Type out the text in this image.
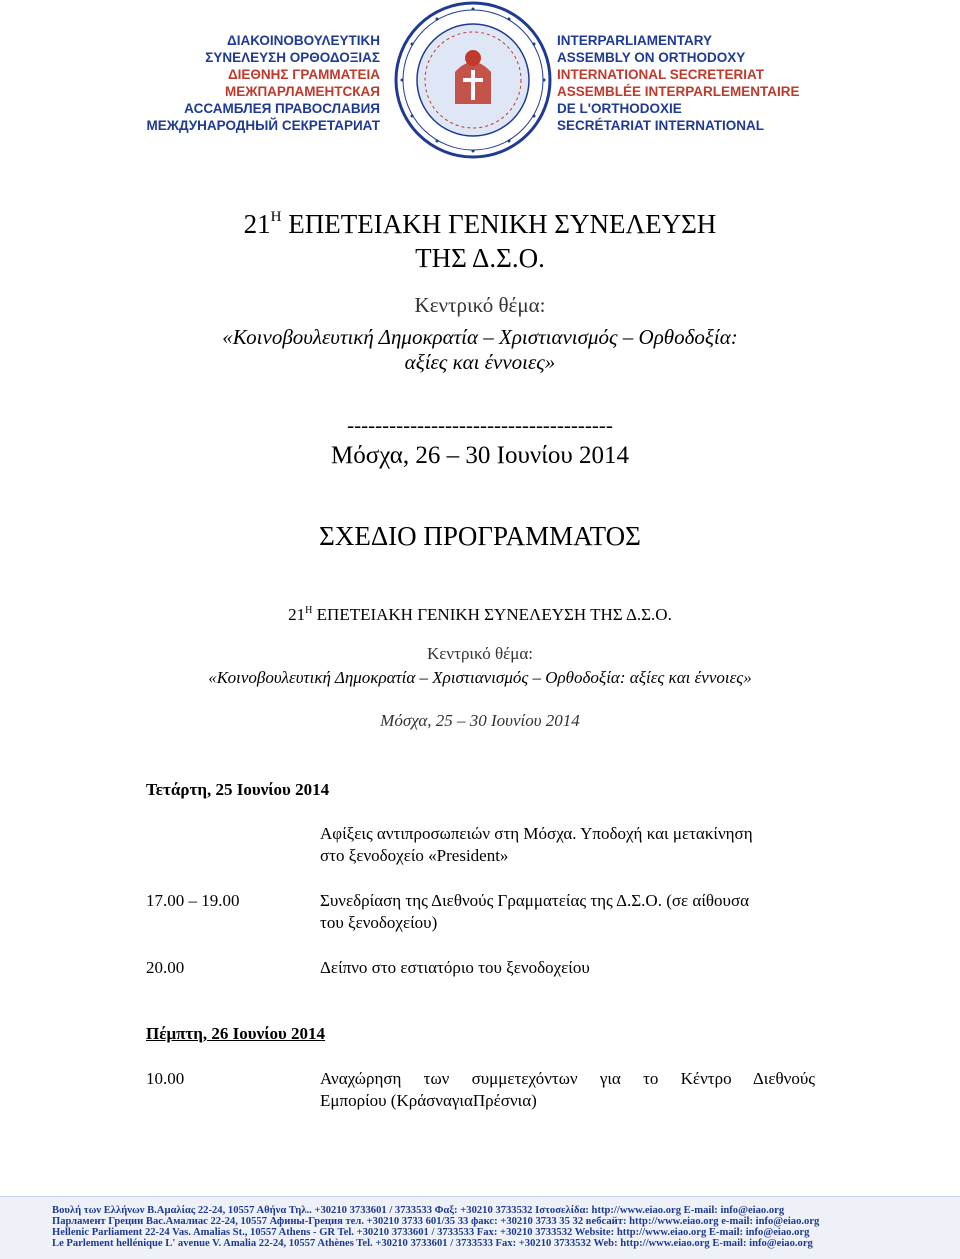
ΔΙΑΚΟΙΝΟΒΟΥΛΕΥΤΙΚΗ
ΣΥΝΕΛΕΥΣΗ ΟΡΘΟΔΟΞΙΑΣ
ΔΙΕΘΝΗΣ ΓΡΑΜΜΑΤΕΙΑ
МЕЖПАРЛАМЕНТСКАЯ
АССАМБЛЕЯ ПРАВОСЛАВИЯ
МЕЖДУНАРОДНЫЙ СЕКРЕТАРИАТ
INTERPARLIAMENTARY
ASSEMBLY ON ORTHODOXY
INTERNATIONAL SECRETERIAT
ASSEMBLÉE INTERPARLEMENTAIRE
DE L'ORTHODOXIE
SECRÉTARIAT INTERNATIONAL
$21^H$ ΕΠΕΤΕΙΑΚΗ ΓΕΝΙΚΗ ΣΥΝΕΛΕΥΣΗ
ΤΗΣ Δ.Σ.Ο.
Κεντρικό θέμα:
«Κοινοβουλευτική Δημοκρατία – Χριστιανισμός – Ορθοδοξία:
αξίες και έννοιες»
--------------------------------------
Μόσχα, 26 – 30 Ιουνίου 2014
ΣΧΕΔΙΟ ΠΡΟΓΡΑΜΜΑΤΟΣ
$21^H$ ΕΠΕΤΕΙΑΚΗ ΓΕΝΙΚΗ ΣΥΝΕΛΕΥΣΗ ΤΗΣ Δ.Σ.Ο.
Κεντρικό θέμα:
«Κοινοβουλευτική Δημοκρατία – Χριστιανισμός – Ορθοδοξία: αξίες και έννοιες»
Μόσχα, 25 – 30 Ιουνίου 2014
Τετάρτη, 25 Ιουνίου 2014
Αφίξεις αντιπροσωπειών στη Μόσχα. Υποδοχή και μετακίνηση
στο ξενοδοχείο «President»
17.00 – 19.00	Συνεδρίαση της Διεθνούς Γραμματείας της Δ.Σ.Ο. (σε αίθουσα
του ξενοδοχείου)
20.00	Δείπνο στο εστιατόριο του ξενοδοχείου
Πέμπτη, 26 Ιουνίου 2014
10.00	Αναχώρηση των συμμετεχόντων για το Κέντρο Διεθνούς
Εμπορίου (ΚράσναγιαΠρέσνια)
Βουλή των Ελλήνων Β.Αμαλίας 22-24, 10557 Αθήνα Τηλ.. +30210 3733601 / 3733533 Φαξ: +30210 3733532 Ιστοσελίδα: http://www.eiao.org E-mail: info@eiao.org
Парламент Греции Вас.Амалиас 22-24, 10557 Афины-Греция тел. +30210 3733 601/35 33 факс: +30210 3733 35 32 вебсайт: http://www.eiao.org e-mail: info@eiao.org
Hellenic Parliament 22-24 Vas. Amalias St., 10557 Athens - GR Tel. +30210 3733601 / 3733533 Fax: +30210 3733532 Website: http://www.eiao.org E-mail: info@eiao.org
Le Parlement hellénique L' avenue V. Amalia 22-24, 10557 Athènes Tel. +30210 3733601 / 3733533 Fax: +30210 3733532 Web: http://www.eiao.org E-mail: info@eiao.org
